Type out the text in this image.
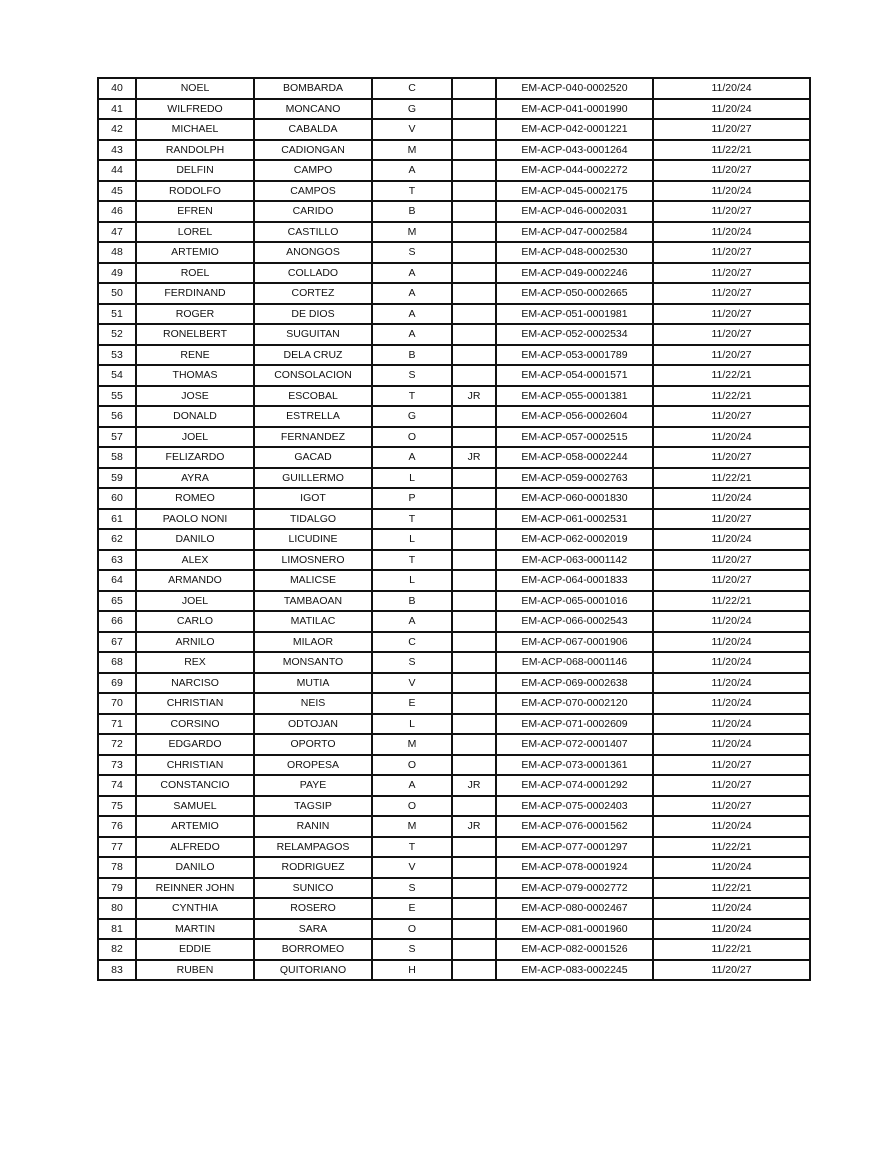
40	NOEL	BOMBARDA	C		EM-ACP-040-0002520	11/20/24
41	WILFREDO	MONCANO	G		EM-ACP-041-0001990	11/20/24
42	MICHAEL	CABALDA	V		EM-ACP-042-0001221	11/20/27
43	RANDOLPH	CADIONGAN	M		EM-ACP-043-0001264	11/22/21
44	DELFIN	CAMPO	A		EM-ACP-044-0002272	11/20/27
45	RODOLFO	CAMPOS	T		EM-ACP-045-0002175	11/20/24
46	EFREN	CARIDO	B		EM-ACP-046-0002031	11/20/27
47	LOREL	CASTILLO	M		EM-ACP-047-0002584	11/20/24
48	ARTEMIO	ANONGOS	S		EM-ACP-048-0002530	11/20/27
49	ROEL	COLLADO	A		EM-ACP-049-0002246	11/20/27
50	FERDINAND	CORTEZ	A		EM-ACP-050-0002665	11/20/27
51	ROGER	DE DIOS	A		EM-ACP-051-0001981	11/20/27
52	RONELBERT	SUGUITAN	A		EM-ACP-052-0002534	11/20/27
53	RENE	DELA CRUZ	B		EM-ACP-053-0001789	11/20/27
54	THOMAS	CONSOLACION	S		EM-ACP-054-0001571	11/22/21
55	JOSE	ESCOBAL	T	JR	EM-ACP-055-0001381	11/22/21
56	DONALD	ESTRELLA	G		EM-ACP-056-0002604	11/20/27
57	JOEL	FERNANDEZ	O		EM-ACP-057-0002515	11/20/24
58	FELIZARDO	GACAD	A	JR	EM-ACP-058-0002244	11/20/27
59	AYRA	GUILLERMO	L		EM-ACP-059-0002763	11/22/21
60	ROMEO	IGOT	P		EM-ACP-060-0001830	11/20/24
61	PAOLO NONI	TIDALGO	T		EM-ACP-061-0002531	11/20/27
62	DANILO	LICUDINE	L		EM-ACP-062-0002019	11/20/24
63	ALEX	LIMOSNERO	T		EM-ACP-063-0001142	11/20/27
64	ARMANDO	MALICSE	L		EM-ACP-064-0001833	11/20/27
65	JOEL	TAMBAOAN	B		EM-ACP-065-0001016	11/22/21
66	CARLO	MATILAC	A		EM-ACP-066-0002543	11/20/24
67	ARNILO	MILAOR	C		EM-ACP-067-0001906	11/20/24
68	REX	MONSANTO	S		EM-ACP-068-0001146	11/20/24
69	NARCISO	MUTIA	V		EM-ACP-069-0002638	11/20/24
70	CHRISTIAN	NEIS	E		EM-ACP-070-0002120	11/20/24
71	CORSINO	ODTOJAN	L		EM-ACP-071-0002609	11/20/24
72	EDGARDO	OPORTO	M		EM-ACP-072-0001407	11/20/24
73	CHRISTIAN	OROPESA	O		EM-ACP-073-0001361	11/20/27
74	CONSTANCIO	PAYE	A	JR	EM-ACP-074-0001292	11/20/27
75	SAMUEL	TAGSIP	O		EM-ACP-075-0002403	11/20/27
76	ARTEMIO	RANIN	M	JR	EM-ACP-076-0001562	11/20/24
77	ALFREDO	RELAMPAGOS	T		EM-ACP-077-0001297	11/22/21
78	DANILO	RODRIGUEZ	V		EM-ACP-078-0001924	11/20/24
79	REINNER JOHN	SUNICO	S		EM-ACP-079-0002772	11/22/21
80	CYNTHIA	ROSERO	E		EM-ACP-080-0002467	11/20/24
81	MARTIN	SARA	O		EM-ACP-081-0001960	11/20/24
82	EDDIE	BORROMEO	S		EM-ACP-082-0001526	11/22/21
83	RUBEN	QUITORIANO	H		EM-ACP-083-0002245	11/20/27
